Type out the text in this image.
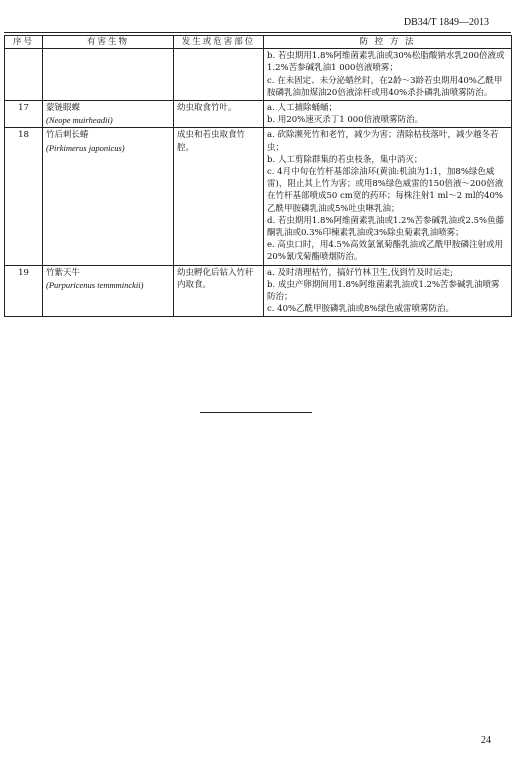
DB34/T 1849—2013
序号	有害生物	发生或危害部位	防 控 方 法

			b. 若虫期用1.8%阿维菌素乳油或30%松脂酸钠水乳200倍液或1.2%苦参碱乳油1 000倍液喷雾；
c. 在未固定、未分泌蜡丝时，在2龄～3龄若虫期用40%乙酰甲胺磷乳油加煤油20倍液涂杆或用40%杀扑磷乳油喷雾防治。

17	蒙链眼蝶
(Neope muirheadii)	幼虫取食竹叶。	a. 人工捕除蛹蛹；
b. 用20%速灭杀丁1 000倍液喷雾防治。

18	竹后刺长蝽
(Pirkimerus japonicus)	成虫和若虫取食竹腔。	a. 砍除濒死竹和老竹，减少为害；清除枯枝落叶，减少越冬若虫；
b. 人工剪除群集的若虫枝条，集中消灭；
c. 4月中旬在竹杆基部涂油环(黄油:机油为1:1，加8%绿色威雷)，阻止其上竹为害；或用8%绿色威雷的150倍液～200倍液在竹杆基部喷成50 cm宽的药环；每株注射1 ml～2 ml的40%乙酰甲胺磷乳油或5%吐虫啉乳油；
d. 若虫期用1.8%阿维菌素乳油或1.2%苦参碱乳油或2.5%鱼藤酮乳油或0.3%印楝素乳油或3%除虫菊素乳油喷雾；
e. 高虫口时，用4.5%高效氯氰菊酯乳油或乙酰甲胺磷注射或用20%氰戊菊酯喷烟防治。

19	竹紫天牛
(Purpuricenus temmminckii)	幼虫孵化后钻入竹秆内取食。	a. 及时清理枯竹，搞好竹林卫生,伐到竹及时运走;
b. 成虫产卵期间用1.8%阿维菌素乳油或1.2%苦参碱乳油喷雾防治；
c. 40%乙酰甲胺磷乳油或8%绿色威雷喷雾防治。
24
